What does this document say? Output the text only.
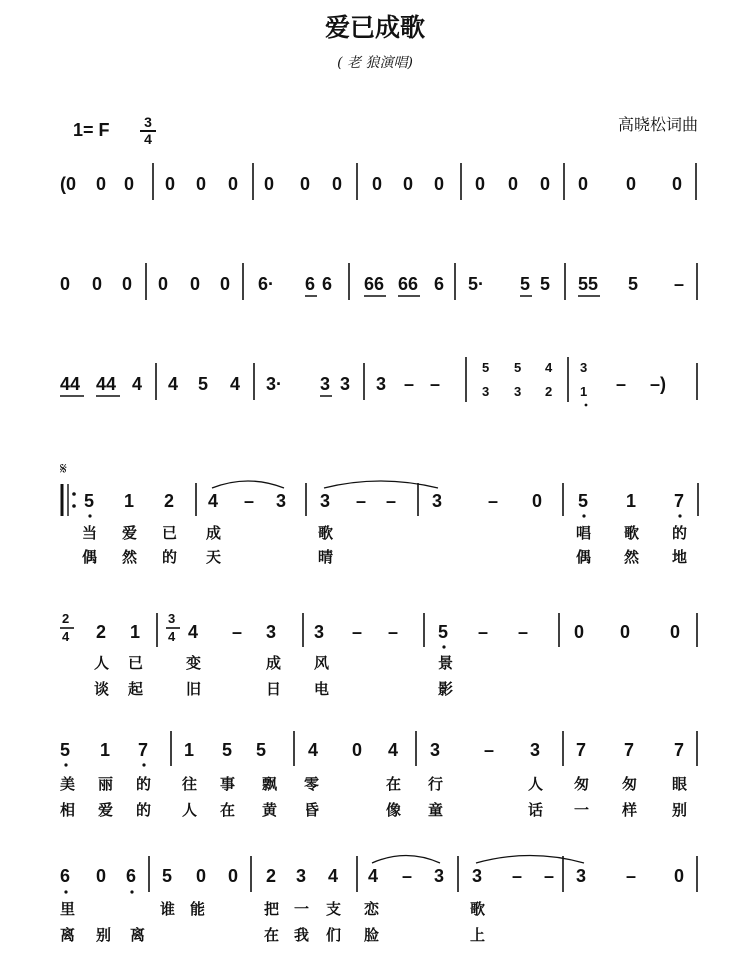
爱已成歌
( 老 狼演唱)
高晓松词曲
1= F	3
4
(0 0 0 0 0 0 0 0 0 0 0 0 0 0 0 0 0 0
0 0 0 0 0 0 6· 6 6 66 66 6 5· 5 5 55 5 –
44 44 4 4 5 4 3· 3 3 3 – –
5 5 4
3 3 2
3
1 – –)
𝄋
5 1 2 4 – 3 3 – – 3	– 0 5 1 7
当 爱 已 成	歌	唱 歌 的
偶 然 的 天	晴	偶 然 地
2
4 2 1
3
4 4 – 3 3 – – 5 – –	0 0 0
人 已	变	成 风	景
谈 起	旧	日 电	影
5 1 7 1 5 5 4 0 4 3 – 3 7 7 7
美 丽 的 往 事 飘 零	在 行	人 匆 匆 眼
相 爱 的 人 在 黄 昏	像 童	话 一 样 别
6 0 6 5 0 0 2 3 4 4 – 3 3 – – 3 – 0
里	谁 能	把 一 支 恋	歌
离 别 离	在 我 们 脸	上
